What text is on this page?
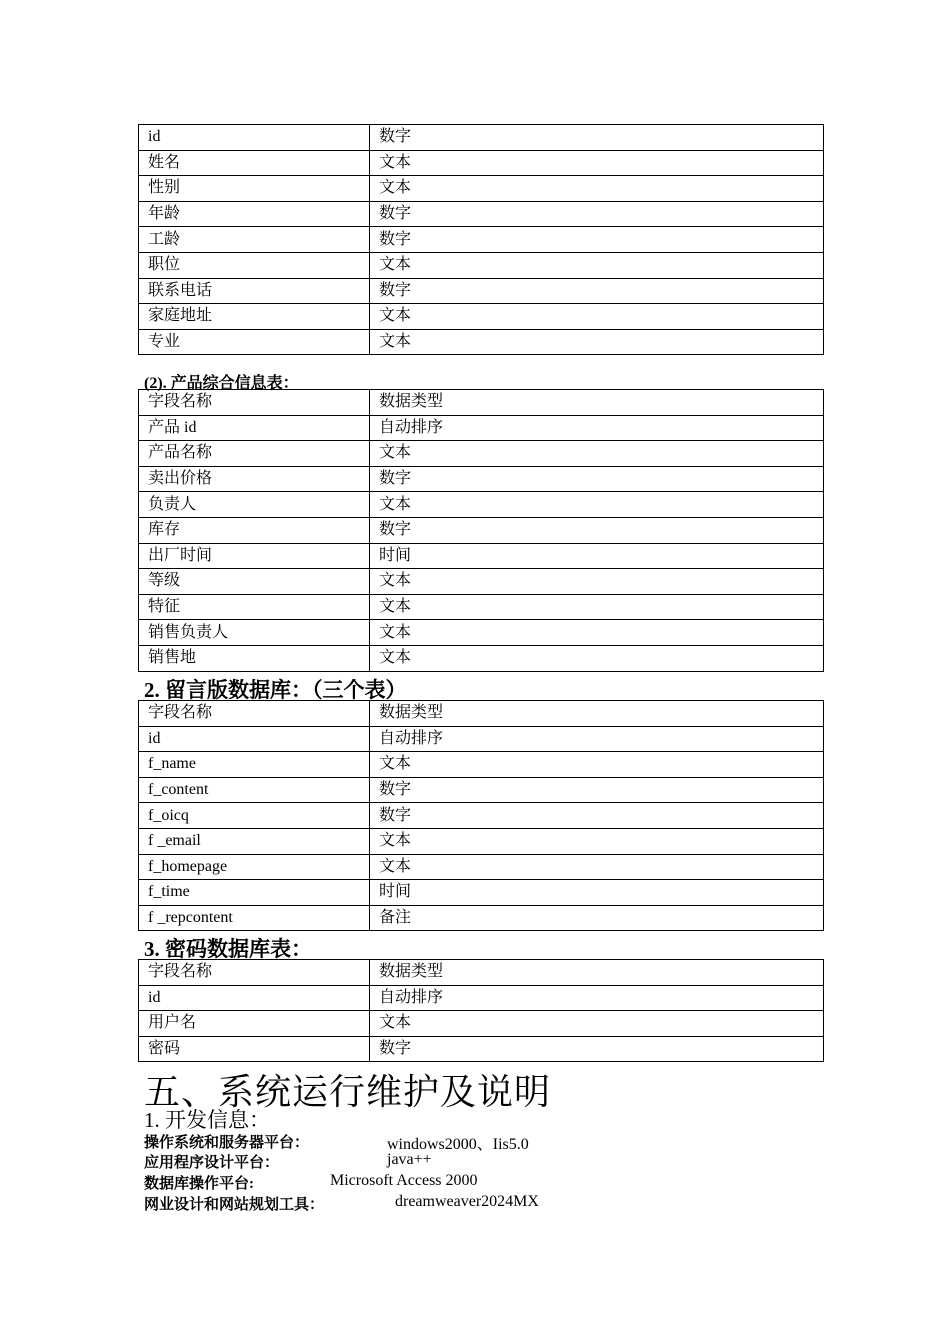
id	数字
姓名	文本
性别	文本
年龄	数字
工龄	数字
职位	文本
联系电话	数字
家庭地址	文本
专业	文本
(2). 产品综合信息表：
字段名称	数据类型
产品 id	自动排序
产品名称	文本
卖出价格	数字
负责人	文本
库存	数字
出厂时间	时间
等级	文本
特征	文本
销售负责人	文本
销售地	文本
2. 留言版数据库：（三个表）
字段名称	数据类型
id	自动排序
f_name	文本
f_content	数字
f_oicq	数字
f _email	文本
f_homepage	文本
f_time	时间
f _repcontent	备注
3. 密码数据库表：
字段名称	数据类型
id	自动排序
用户名	文本
密码	数字
五、系统运行维护及说明
1. 开发信息：
操作系统和服务器平台：	windows2000、Iis5.0
应用程序设计平台：	java++
数据库操作平台:	Microsoft Access 2000
网业设计和网站规划工具：	dreamweaver2024MX
